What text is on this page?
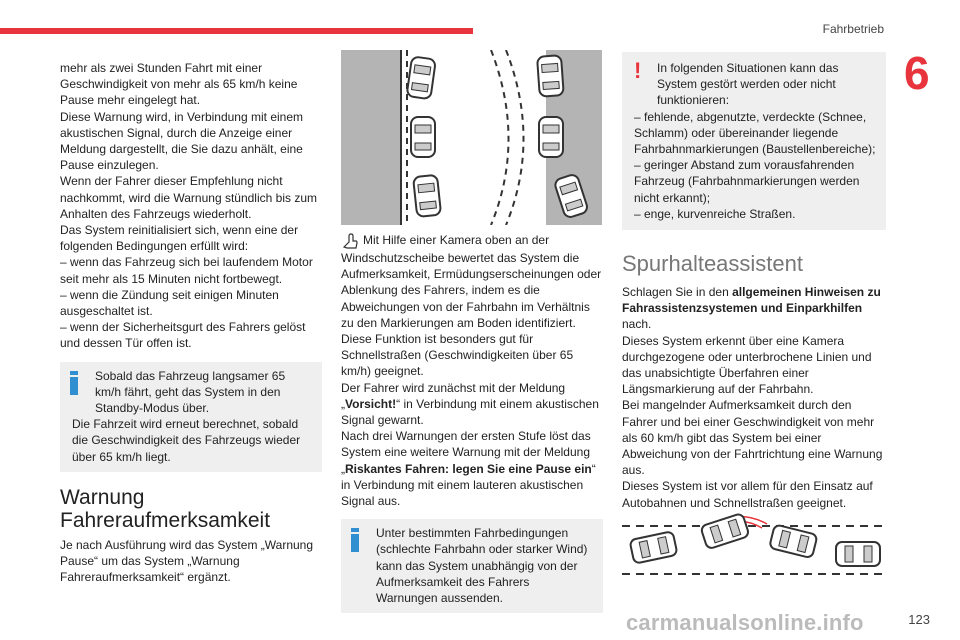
Fahrbetrieb
6

mehr als zwei Stunden Fahrt mit einer Geschwindigkeit von mehr als 65 km/h keine Pause mehr eingelegt hat.

Diese Warnung wird, in Verbindung mit einem akustischen Signal, durch die Anzeige einer Meldung dargestellt, die Sie dazu anhält, eine Pause einzulegen.

Wenn der Fahrer dieser Empfehlung nicht nachkommt, wird die Warnung stündlich bis zum Anhalten des Fahrzeugs wiederholt.

Das System reinitialisiert sich, wenn eine der folgenden Bedingungen erfüllt wird:

– wenn das Fahrzeug sich bei laufendem Motor seit mehr als 15 Minuten nicht fortbewegt.

– wenn die Zündung seit einigen Minuten ausgeschaltet ist.

– wenn der Sicherheitsgurt des Fahrers gelöst und dessen Tür offen ist.

Sobald das Fahrzeug langsamer 65 km/h fährt, geht das System in den Standby-Modus über.

Die Fahrzeit wird erneut berechnet, sobald die Geschwindigkeit des Fahrzeugs wieder über 65 km/h liegt.

Warnung
Fahreraufmerksamkeit

Je nach Ausführung wird das System „Warnung Pause“ um das System „Warnung Fahreraufmerksamkeit“ ergänzt.

Mit Hilfe einer Kamera oben an der Windschutzscheibe bewertet das System die Aufmerksamkeit, Ermüdungserscheinungen oder Ablenkung des Fahrers, indem es die Abweichungen von der Fahrbahn im Verhältnis zu den Markierungen am Boden identifiziert.

Diese Funktion ist besonders gut für Schnellstraßen (Geschwindigkeiten über 65 km/h) geeignet.

Der Fahrer wird zunächst mit der Meldung „Vorsicht!“ in Verbindung mit einem akustischen Signal gewarnt.

Nach drei Warnungen der ersten Stufe löst das System eine weitere Warnung mit der Meldung „Riskantes Fahren: legen Sie eine Pause ein“ in Verbindung mit einem lauteren akustischen Signal aus.

Unter bestimmten Fahrbedingungen (schlechte Fahrbahn oder starker Wind) kann das System unabhängig von der Aufmerksamkeit des Fahrers Warnungen aussenden.

!	In folgenden Situationen kann das System gestört werden oder nicht funktionieren:

– fehlende, abgenutzte, verdeckte (Schnee, Schlamm) oder übereinander liegende Fahrbahnmarkierungen (Baustellenbereiche);

– geringer Abstand zum vorausfahrenden Fahrzeug (Fahrbahnmarkierungen werden nicht erkannt);

– enge, kurvenreiche Straßen.

Spurhalteassistent

Schlagen Sie in den allgemeinen Hinweisen zu Fahrassistenzsystemen und Einparkhilfen nach.

Dieses System erkennt über eine Kamera durchgezogene oder unterbrochene Linien und das unabsichtigte Überfahren einer Längsmarkierung auf der Fahrbahn.

Bei mangelnder Aufmerksamkeit durch den Fahrer und bei einer Geschwindigkeit von mehr als 60 km/h gibt das System bei einer Abweichung von der Fahrtrichtung eine Warnung aus.

Dieses System ist vor allem für den Einsatz auf Autobahnen und Schnellstraßen geeignet.

carmanualsonline.info	123
